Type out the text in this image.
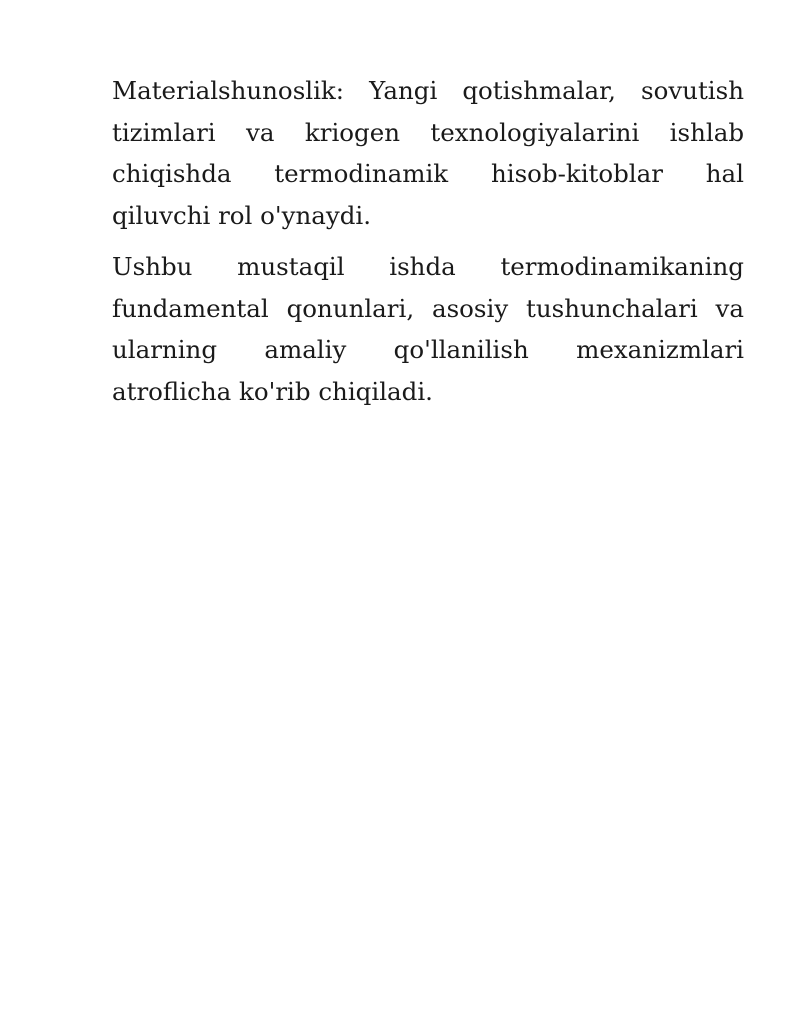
Materialshunoslik: Yangi qotishmalar, sovutish tizimlari va kriogen texnologiyalarini ishlab chiqishda termodinamik hisob-kitoblar hal qiluvchi rol o'ynaydi.

Ushbu mustaqil ishda termodinamikaning fundamental qonunlari, asosiy tushunchalari va ularning amaliy qo'llanilish mexanizmlari atroflicha ko'rib chiqiladi.
